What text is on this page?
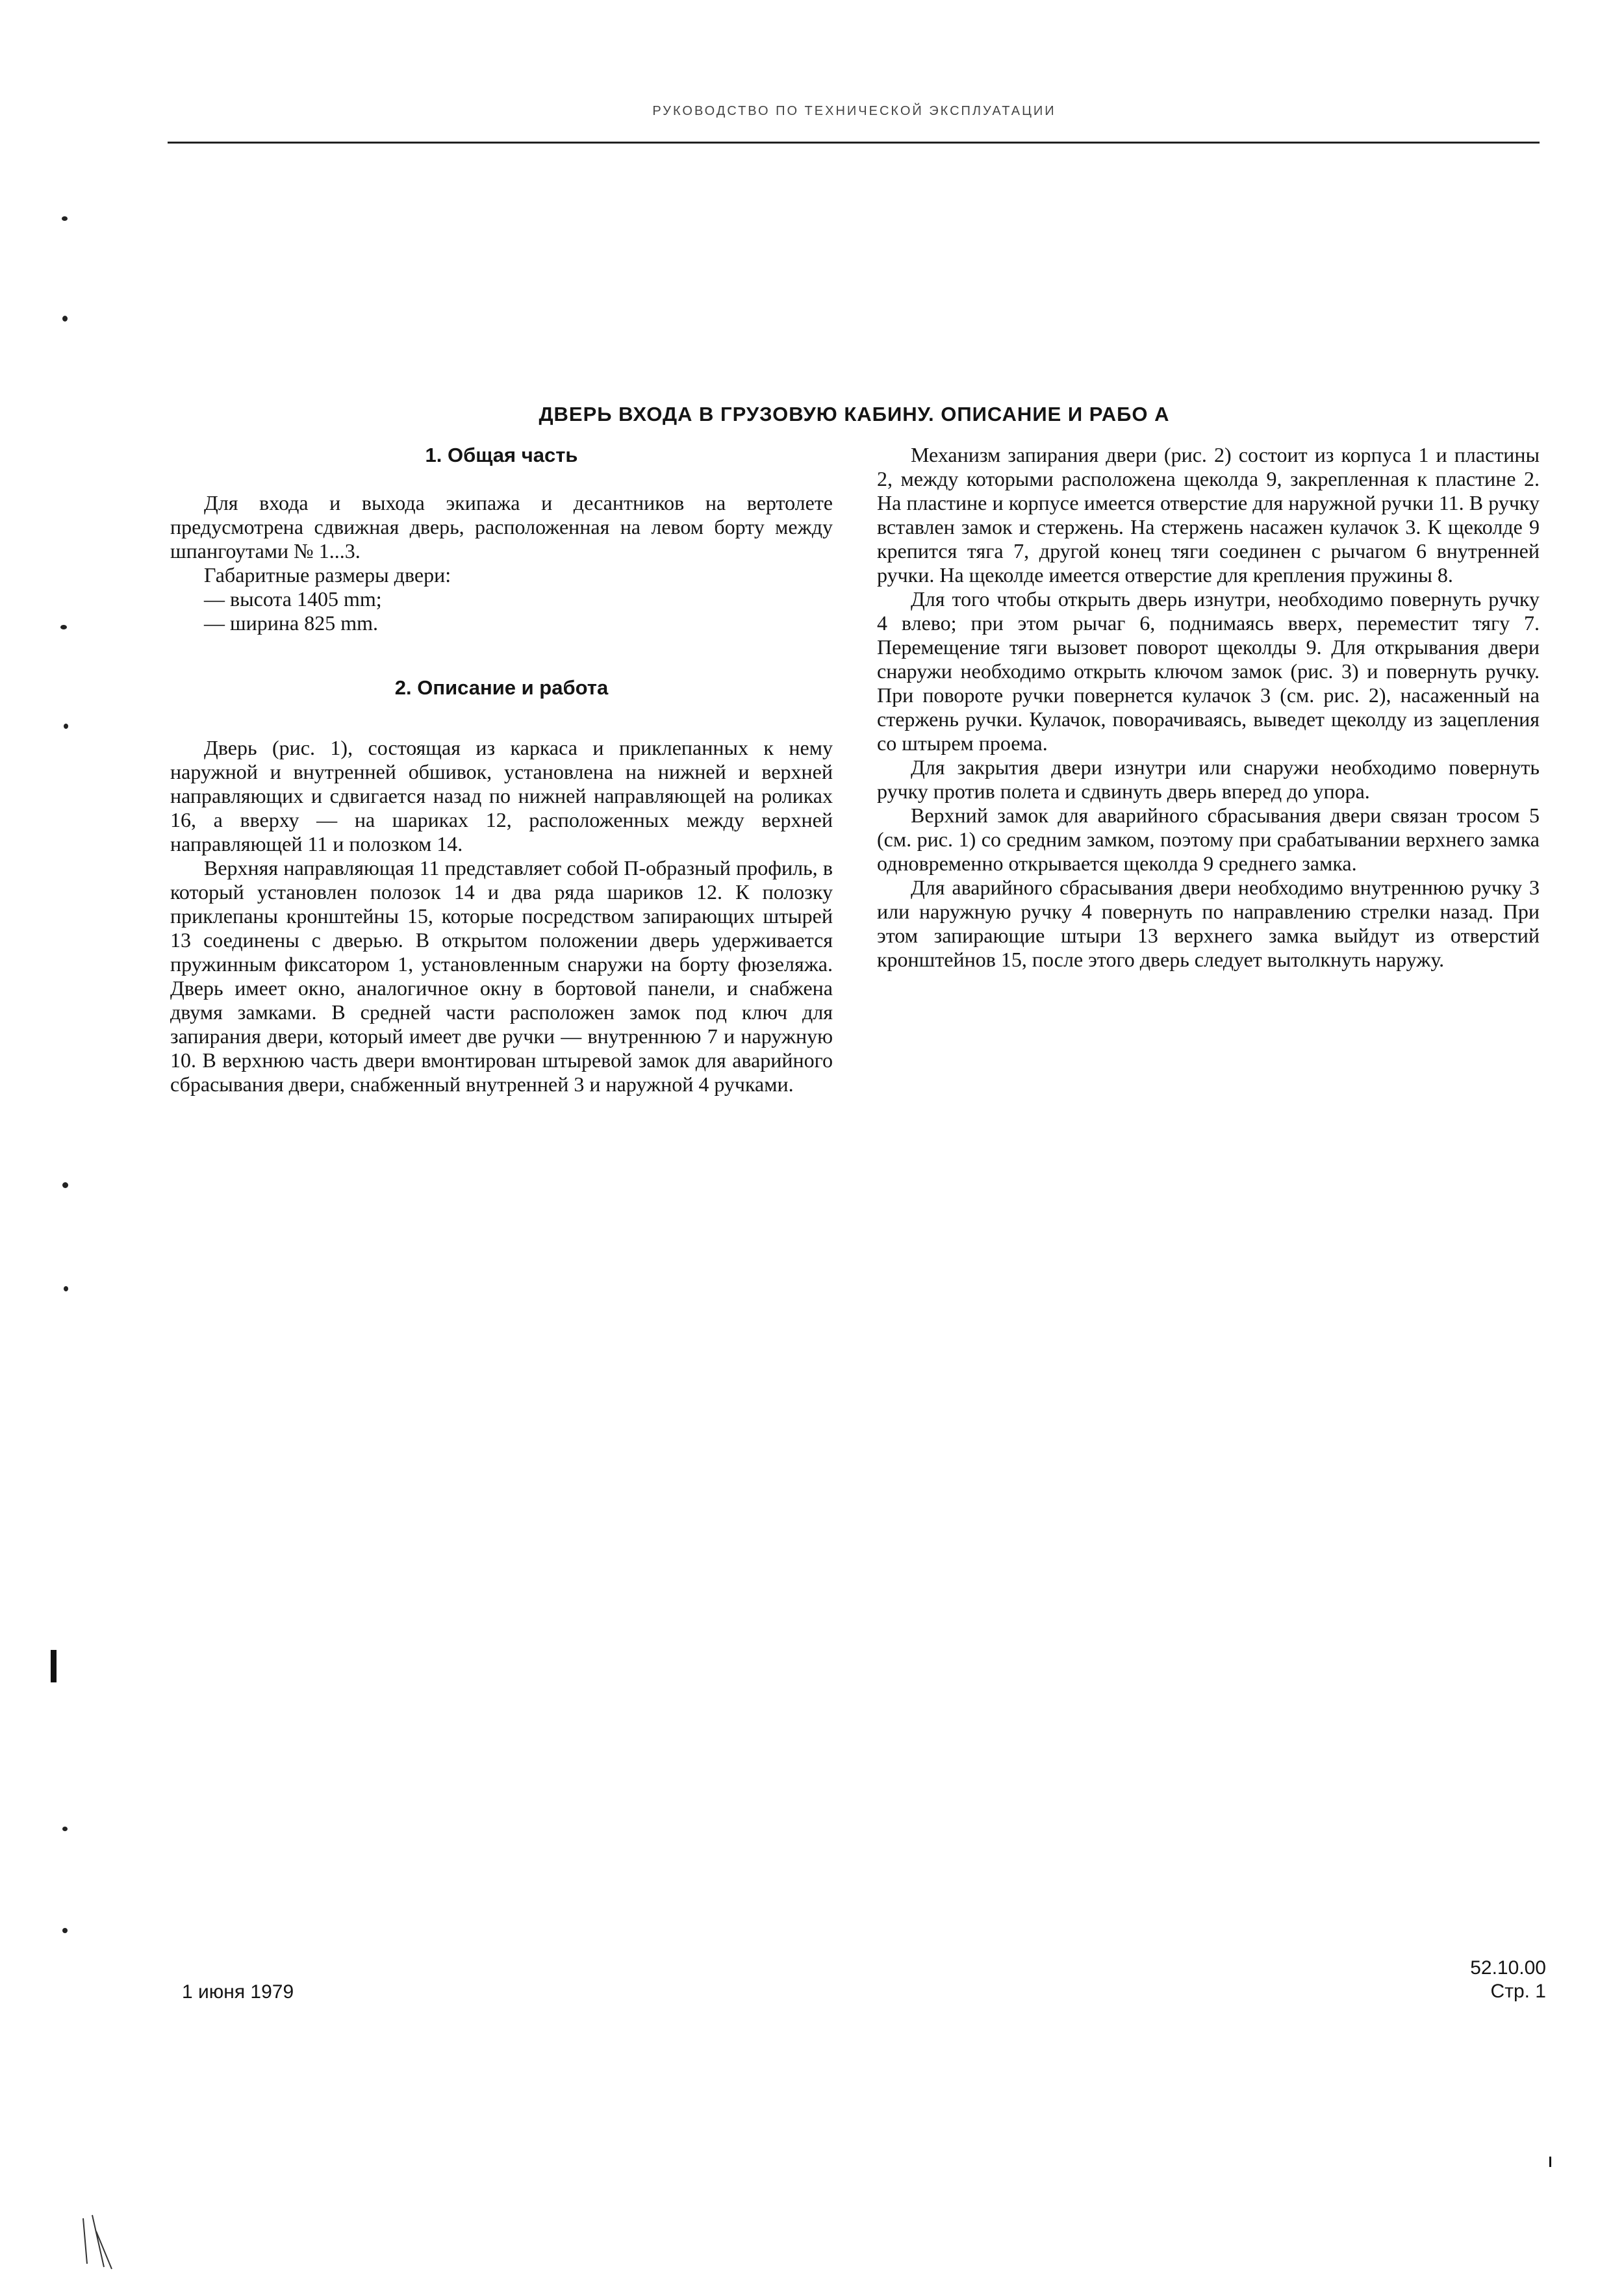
РУКОВОДСТВО ПО ТЕХНИЧЕСКОЙ ЭКСПЛУАТАЦИИ
ДВЕРЬ ВХОДА В ГРУЗОВУЮ КАБИНУ. ОПИСАНИЕ И РАБО А
1. Общая часть

Для входа и выхода экипажа и десантников на вертолете предусмотрена сдвижная дверь, расположенная на левом борту между шпангоутами № 1...3.

Габаритные размеры двери:

— высота 1405 mm;

— ширина 825 mm.

2. Описание и работа

Дверь (рис. 1), состоящая из каркаса и приклепанных к нему наружной и внутренней обшивок, установлена на нижней и верхней направляющих и сдвигается назад по нижней направляющей на роликах 16, а вверху — на шариках 12, расположенных между верхней направляющей 11 и полозком 14.

Верхняя направляющая 11 представляет собой П-образный профиль, в который установлен полозок 14 и два ряда шариков 12. К полозку приклепаны кронштейны 15, которые посредством запирающих штырей 13 соединены с дверью. В открытом положении дверь удерживается пружинным фиксатором 1, установленным снаружи на борту фюзеляжа. Дверь имеет окно, аналогичное окну в бортовой панели, и снабжена двумя замками. В средней части расположен замок под ключ для запирания двери, который имеет две ручки — внутреннюю 7 и наружную 10. В верхнюю часть двери вмонтирован штыревой замок для аварийного сбрасывания двери, снабженный внутренней 3 и наружной 4 ручками.

Механизм запирания двери (рис. 2) состоит из корпуса 1 и пластины 2, между которыми расположена щеколда 9, закрепленная к пластине 2. На пластине и корпусе имеется отверстие для наружной ручки 11. В ручку вставлен замок и стержень. На стержень насажен кулачок 3. К щеколде 9 крепится тяга 7, другой конец тяги соединен с рычагом 6 внутренней ручки. На щеколде имеется отверстие для крепления пружины 8.

Для того чтобы открыть дверь изнутри, необходимо повернуть ручку 4 влево; при этом рычаг 6, поднимаясь вверх, переместит тягу 7. Перемещение тяги вызовет поворот щеколды 9. Для открывания двери снаружи необходимо открыть ключом замок (рис. 3) и повернуть ручку. При повороте ручки повернется кулачок 3 (см. рис. 2), насаженный на стержень ручки. Кулачок, поворачиваясь, выведет щеколду из зацепления со штырем проема.

Для закрытия двери изнутри или снаружи необходимо повернуть ручку против полета и сдвинуть дверь вперед до упора.

Верхний замок для аварийного сбрасывания двери связан тросом 5 (см. рис. 1) со средним замком, поэтому при срабатывании верхнего замка одновременно открывается щеколда 9 среднего замка.

Для аварийного сбрасывания двери необходимо внутреннюю ручку 3 или наружную ручку 4 повернуть по направлению стрелки назад. При этом запирающие штыри 13 верхнего замка выйдут из отверстий кронштейнов 15, после этого дверь следует вытолкнуть наружу.

1 июня 1979
52.10.00
Стр. 1
